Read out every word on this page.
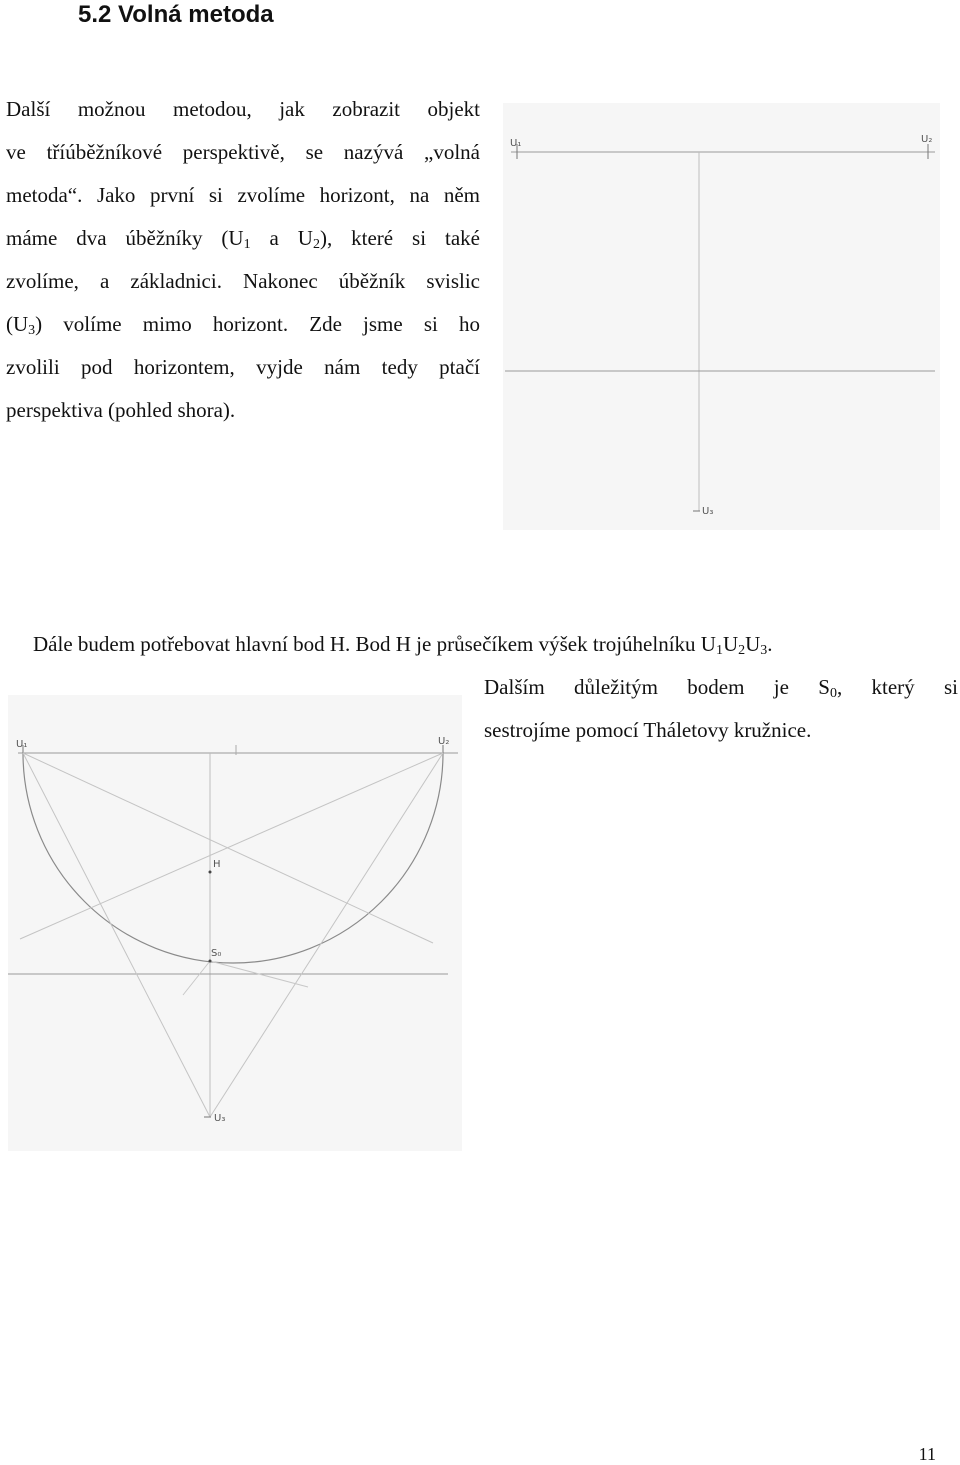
5.2 Volná metoda
Další možnou metodou, jak zobrazit objekt
ve tříúběžníkové perspektivě, se nazývá „volná
metoda“. Jako první si zvolíme horizont, na něm
máme dva úběžníky ($U_1$ a $U_2$), které si také
zvolíme, a základnici. Nakonec úběžník svislic
$(U_3)$ volíme mimo horizont. Zde jsme si ho
zvolili pod horizontem, vyjde nám tedy ptačí
perspektiva (pohled shora).
U₁	U₂
U₃
Dále budem potřebovat hlavní bod H. Bod H je průsečíkem výšek trojúhelníku $U_1U_2U_3$.
Dalším důležitým bodem je $S_0$, který si
sestrojíme pomocí Tháletovy kružnice.
U₁	U₂
U₃
H
S₀

11
